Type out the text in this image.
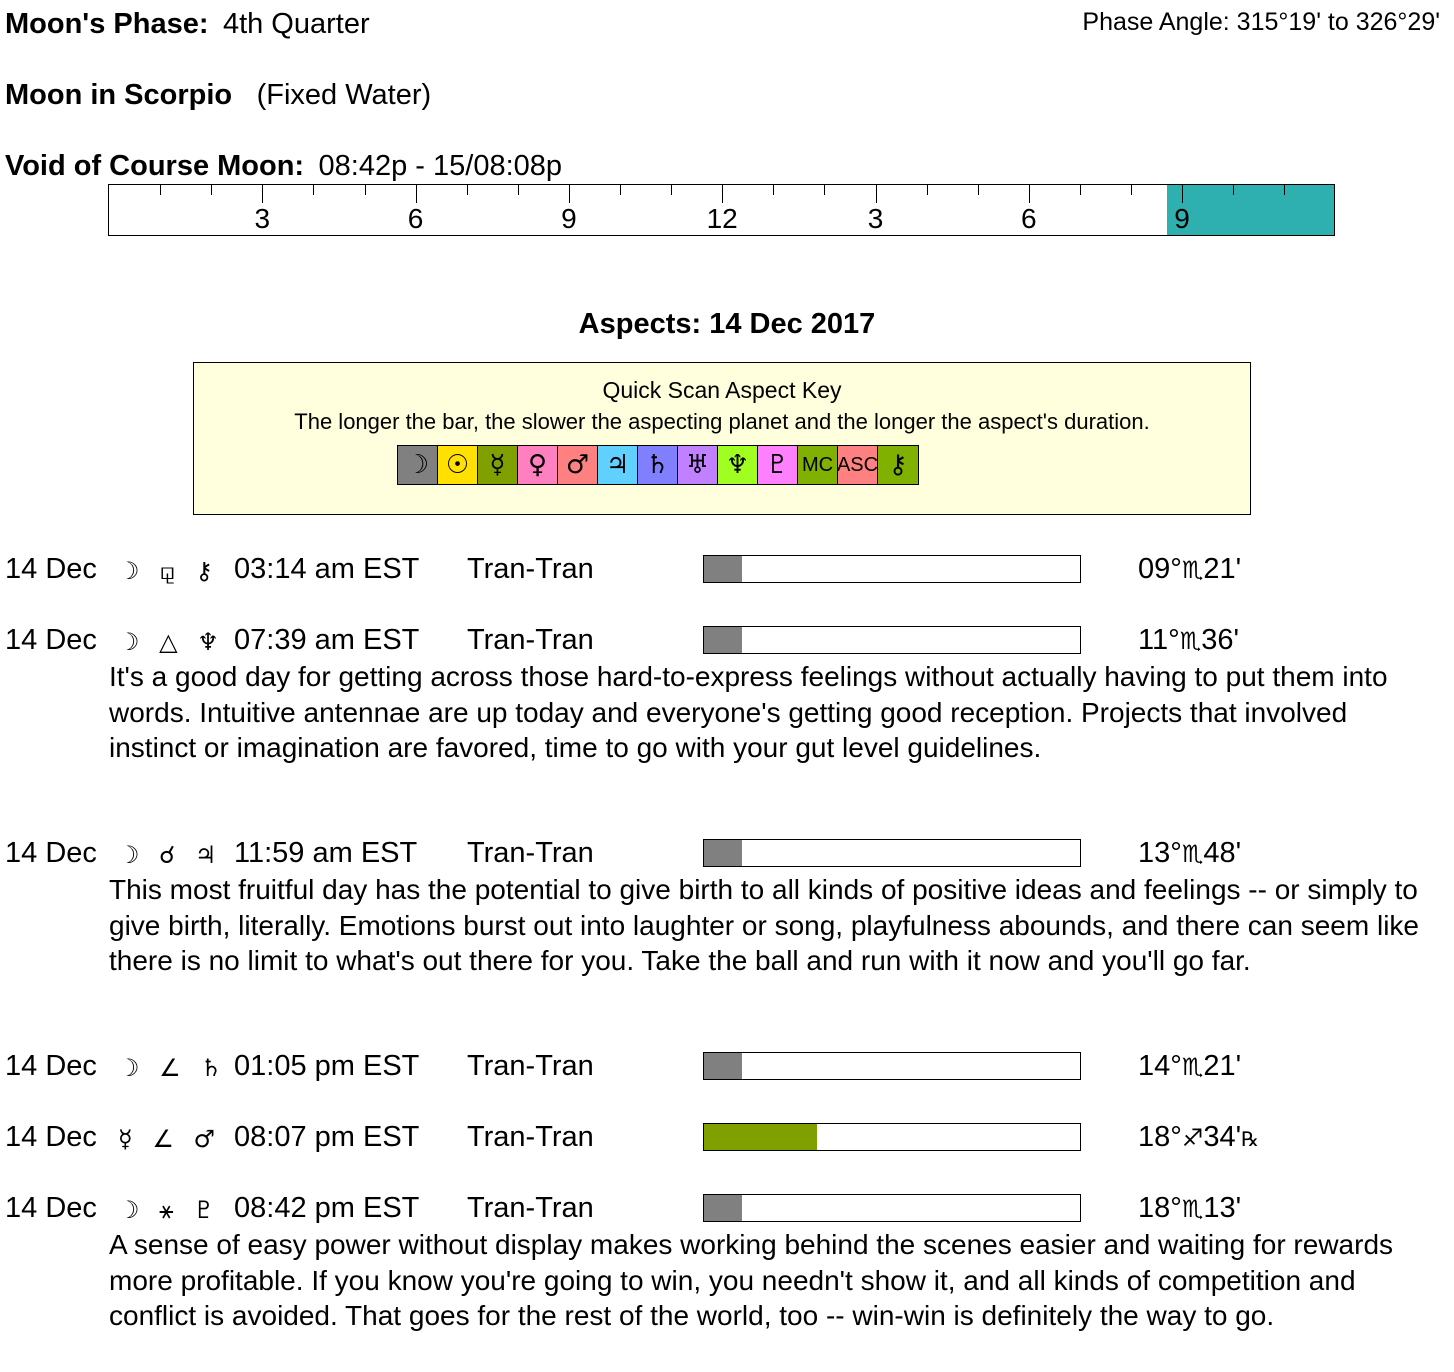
Moon's Phase: 4th Quarter	Phase Angle: 315°19' to 326°29'
Moon in Scorpio (Fixed Water)
Void of Course Moon: 08:42p - 15/08:08p
3	6	9	12	3	6	9
Aspects: 14 Dec 2017
Quick Scan Aspect Key
The longer the bar, the slower the aspecting planet and the longer the aspect's duration.
☽ ☉ ☿ ♀ ♂ ♃ ♄ ♅ ♆ ♇ MC ASC ⚷
14 Dec ☽ ⚼ ⚷ 03:14 am EST Tran-Tran	09°♏21'
14 Dec ☽ △ ♆ 07:39 am EST Tran-Tran	11°♏36'
It's a good day for getting across those hard-to-express feelings without actually having to put them into words. Intuitive antennae are up today and everyone's getting good reception. Projects that involved instinct or imagination are favored, time to go with your gut level guidelines.
14 Dec ☽ ☌ ♃ 11:59 am EST Tran-Tran	13°♏48'
This most fruitful day has the potential to give birth to all kinds of positive ideas and feelings -- or simply to give birth, literally. Emotions burst out into laughter or song, playfulness abounds, and there can seem like there is no limit to what's out there for you. Take the ball and run with it now and you'll go far.
14 Dec ☽ ∠ ♄ 01:05 pm EST Tran-Tran	14°♏21'
14 Dec ☿ ∠ ♂ 08:07 pm EST Tran-Tran	18°♐34'℞
14 Dec ☽ ⚹ ♇ 08:42 pm EST Tran-Tran	18°♏13'
A sense of easy power without display makes working behind the scenes easier and waiting for rewards more profitable. If you know you're going to win, you needn't show it, and all kinds of competition and conflict is avoided. That goes for the rest of the world, too -- win-win is definitely the way to go.
